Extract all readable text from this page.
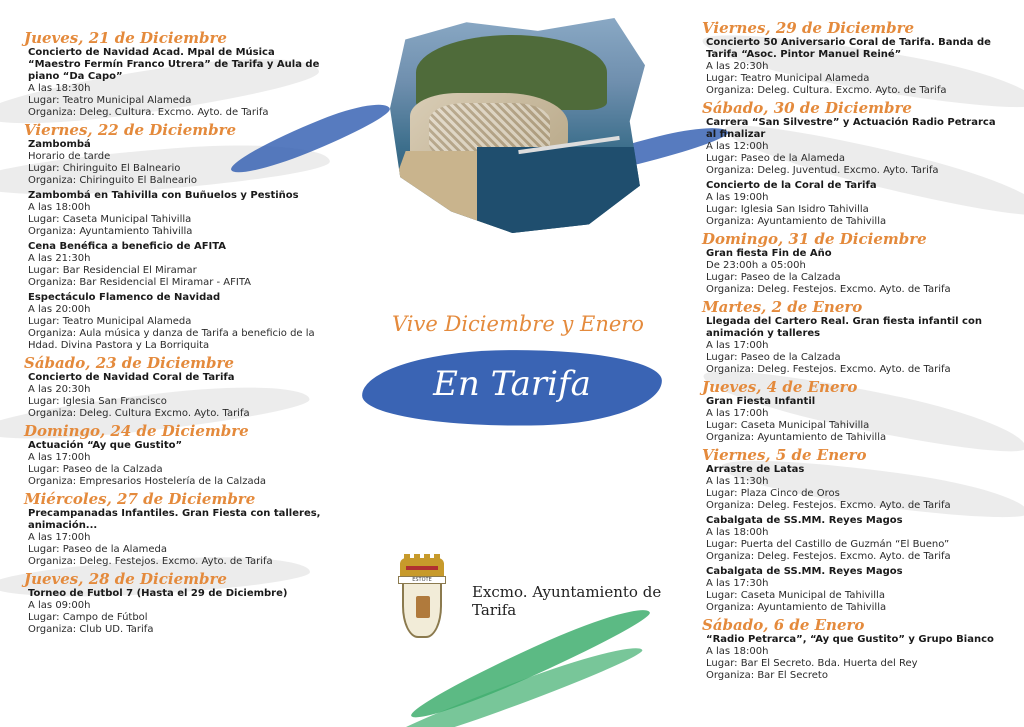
Jueves, 21 de Diciembre
Concierto de Navidad Acad. Mpal de Música “Maestro Fermín Franco Utrera” de Tarifa y Aula de piano “Da Capo”
A las 18:30h
Lugar: Teatro Municipal Alameda
Organiza: Deleg. Cultura. Excmo. Ayto. de Tarifa
Viernes, 22 de Diciembre
Zambombá
Horario de tarde
Lugar: Chiringuito El Balneario
Organiza: Chiringuito El Balneario
Zambombá en Tahivilla con Buñuelos y Pestiños
A las 18:00h
Lugar: Caseta Municipal Tahivilla
Organiza: Ayuntamiento Tahivilla
Cena Benéfica a beneficio de AFITA
A las 21:30h
Lugar: Bar Residencial El Miramar
Organiza: Bar Residencial El Miramar - AFITA
Espectáculo Flamenco de Navidad
A las 20:00h
Lugar: Teatro Municipal Alameda
Organiza: Aula música y danza de Tarifa a beneficio de la Hdad. Divina Pastora y La Borriquita
Sábado, 23 de Diciembre
Concierto de Navidad Coral de Tarifa
A las 20:30h
Lugar: Iglesia San Francisco
Organiza: Deleg. Cultura Excmo. Ayto. Tarifa
Domingo, 24 de Diciembre
Actuación “Ay que Gustito”
A las 17:00h
Lugar: Paseo de la Calzada
Organiza: Empresarios Hostelería de la Calzada
Miércoles, 27 de Diciembre
Precampanadas Infantiles. Gran Fiesta con talleres, animación...
A las 17:00h
Lugar: Paseo de la Alameda
Organiza: Deleg. Festejos. Excmo. Ayto. de Tarifa
Jueves, 28 de Diciembre
Torneo de Futbol 7 (Hasta el 29 de Diciembre)
A las 09:00h
Lugar: Campo de Fútbol
Organiza: Club UD. Tarifa
Vive Diciembre y Enero
En Tarifa
ESTOTE
Excmo. Ayuntamiento de
Tarifa
Viernes, 29 de Diciembre
Concierto 50 Aniversario Coral de Tarifa. Banda de Tarifa “Asoc. Pintor Manuel Reiné”
A las 20:30h
Lugar: Teatro Municipal Alameda
Organiza: Deleg. Cultura. Excmo. Ayto. de Tarifa
Sábado, 30 de Diciembre
Carrera “San Silvestre” y Actuación Radio Petrarca al finalizar
A las 12:00h
Lugar: Paseo de la Alameda
Organiza: Deleg. Juventud. Excmo. Ayto. Tarifa
Concierto de la Coral de Tarifa
A las 19:00h
Lugar: Iglesia San Isidro Tahivilla
Organiza: Ayuntamiento de Tahivilla
Domingo, 31 de Diciembre
Gran fiesta Fin de Año
De 23:00h a 05:00h
Lugar: Paseo de la Calzada
Organiza: Deleg. Festejos. Excmo. Ayto. de Tarifa
Martes, 2 de Enero
Llegada del Cartero Real. Gran fiesta infantil con animación y talleres
A las 17:00h
Lugar: Paseo de la Calzada
Organiza: Deleg. Festejos. Excmo. Ayto. de Tarifa
Jueves, 4 de Enero
Gran Fiesta Infantil
A las 17:00h
Lugar: Caseta Municipal Tahivilla
Organiza: Ayuntamiento de Tahivilla
Viernes, 5 de Enero
Arrastre de Latas
A las 11:30h
Lugar: Plaza Cinco de Oros
Organiza: Deleg. Festejos. Excmo. Ayto. de Tarifa
Cabalgata de SS.MM. Reyes Magos
A las 18:00h
Lugar: Puerta del Castillo de Guzmán “El Bueno”
Organiza: Deleg. Festejos. Excmo. Ayto. de Tarifa
Cabalgata de SS.MM. Reyes Magos
A las 17:30h
Lugar: Caseta Municipal de Tahivilla
Organiza: Ayuntamiento de Tahivilla
Sábado, 6 de Enero
“Radio Petrarca”, “Ay que Gustito” y Grupo Bianco
A las 18:00h
Lugar: Bar El Secreto. Bda. Huerta del Rey
Organiza: Bar El Secreto
